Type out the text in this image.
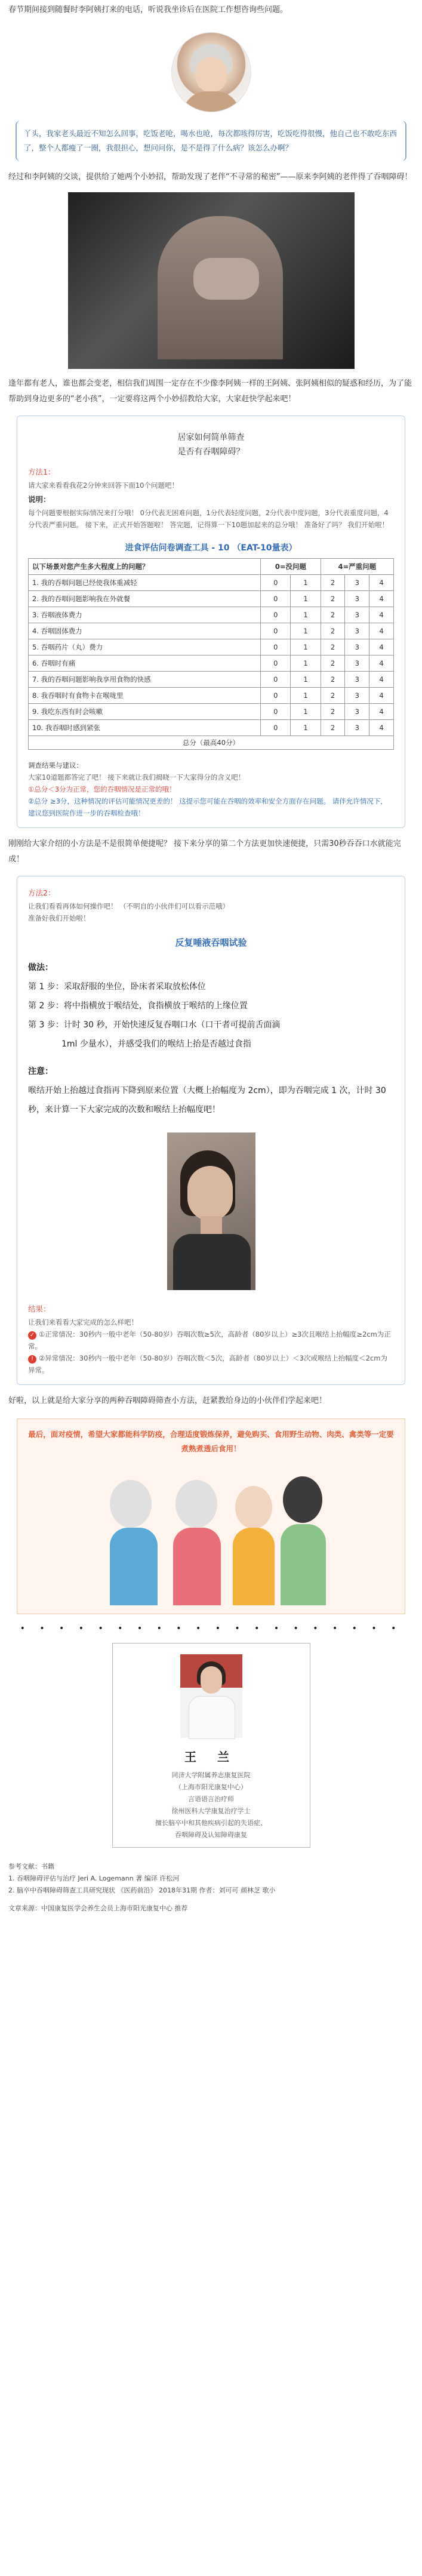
春节期间接到随餐时李阿姨打来的电话，听说我坐诊后在医院工作想咨询些问题。

丫头，我家老头最近不知怎么回事，吃饭老呛，喝水也呛，每次都咳得厉害，吃饭吃得很慢，他自己也不敢吃东西了，整个人都瘦了一圈，我很担心，想问问你，是不是得了什么病？该怎么办啊？

经过和李阿姨的交谈，提供给了她两个小妙招，帮助发现了老伴“不寻常的秘密”——原来李阿姨的老伴得了吞咽障碍！

逢年都有老人，谁也都会变老，相信我们周围一定存在不少像李阿姨一样的王阿姨、张阿姨相似的疑惑和经历，为了能帮助到身边更多的“老小孩”，一定要将这两个小妙招教给大家，大家赶快学起来吧！

居家如何简单筛查
是否有吞咽障碍？
方法1：
请大家来看看我花2分钟来回答下面10个问题吧！
说明：
每个问题要根据实际情况来打分哦！ 0分代表无困难问题，1分代表轻度问题，2分代表中度问题，3分代表重度问题，4分代表严重问题。 接下来，正式开始答题啦！ 答完题，记得算一下10题加起来的总分哦！ 准备好了吗？ 我们开始啦！
进食评估问卷调查工具 - 10 （EAT-10量表）
以下场景对您产生多大程度上的问题？	0=没问题		4=严重问题		
1. 我的吞咽问题已经使我体重减轻	0	1	2	3	4
2. 我的吞咽问题影响我在外就餐	0	1	2	3	4
3. 吞咽液体费力	0	1	2	3	4
4. 吞咽固体费力	0	1	2	3	4
5. 吞咽药片（丸）费力	0	1	2	3	4
6. 吞咽时有痛	0	1	2	3	4
7. 我的吞咽问题影响我享用食物的快感	0	1	2	3	4
8. 我吞咽时有食物卡在喉咙里	0	1	2	3	4
9. 我吃东西有时会咳嗽	0	1	2	3	4
10. 我吞咽时感到紧张	0	1	2	3	4
总分（最高40分）					
调查结果与建议：
大家10道题都答完了吧！ 接下来就让我们揭晓一下大家得分的含义吧！
①总分＜3分为正常，您的吞咽情况是正常的哦！
②总分 ≥3分，这种情况的评估可能情况更差的！ 这提示您可能在吞咽的效率和安全方面存在问题。 请伴允许情况下，建议您到医院作进一步的吞咽检查哦！

刚刚给大家介绍的小方法是不是很简单便捷呢？ 接下来分享的第二个方法更加快速便捷，只需30秒吞吞口水就能完成！

方法2：
让我们看看再体如何操作吧！ （不明自的小伙伴们可以看示范哦）
准备好我们开始啦！
反复唾液吞咽试验
做法：
第 1 步：采取舒服的坐位，卧床者采取放松体位
第 2 步：将中指横放于喉结处，食指横放于喉结的上缘位置
第 3 步：计时 30 秒，开始快速反复吞咽口水（口干者可提前舌面滴
1ml 少量水），并感受我们的喉结上抬是否越过食指
注意：
喉结开始上抬越过食指再下降到原来位置（大概上抬幅度为 2cm），即为吞咽完成 1 次，计时 30 秒，来计算一下大家完成的次数和喉结上抬幅度吧！
结果：
让我们来看看大家完成的怎么样吧！
✓ ①正常情况：30秒内一般中老年（50-80岁）吞咽次数≥5次，高龄者（80岁以上）≥3次且喉结上抬幅度≥2cm为正常。
! ②异常情况：30秒内一般中老年（50-80岁）吞咽次数＜5次，高龄者（80岁以上）＜3次或喉结上抬幅度＜2cm为异常。

好啦，以上就是给大家分享的两种吞咽障碍筛查小方法，赶紧教给身边的小伙伴们学起来吧！

最后，面对疫情，希望大家都能科学防疫，合理适度锻炼保养，避免购买、食用野生动物、肉类、禽类等一定要煮熟煮透后食用！
• • • • • • • • • • • • • • • • • • • •
王 兰
同济大学附属养志康复医院
（上海市阳光康复中心）
言语语言治疗师
徐州医科大学康复治疗学士
擅长脑卒中和其他疾病引起的失语症、
吞咽障碍及认知障碍康复
参考文献：书籍
1. 吞咽障碍评估与治疗 Jeri A. Logemann 著 编译 许松河
2. 脑卒中吞咽障碍筛查工具研究现状 《医药前沿》 2018年31期 作者：刘可可 颜林芝 歌小
文章来源：中国康复医学会养生会员上海市阳光康复中心 推荐
